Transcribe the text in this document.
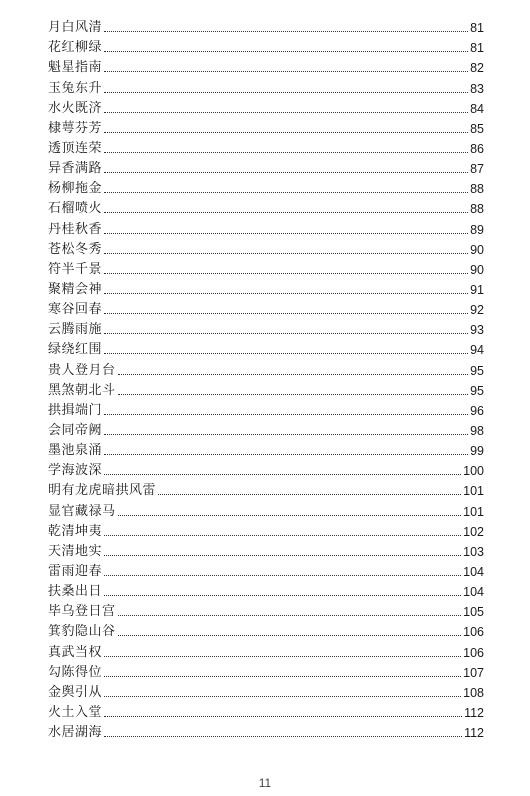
月白风清	81
花红柳绿	81
魁星指南	82
玉兔东升	83
水火既济	84
棣萼芬芳	85
透顶连荣	86
异香满路	87
杨柳拖金	88
石榴喷火	88
丹桂秋香	89
苍松冬秀	90
符半千景	90
聚精会神	91
寒谷回春	92
云腾雨施	93
绿绕红围	94
贵人登月台	95
黑煞朝北斗	95
拱揖端门	96
会同帝阙	98
墨池泉涌	99
学海波深	100
明有龙虎暗拱风雷	101
显官藏禄马	101
乾清坤夷	102
天清地实	103
雷雨迎春	104
扶桑出日	104
毕乌登日宫	105
箕豹隐山谷	106
真武当权	106
勾陈得位	107
金舆引从	108
火土入堂	112
水居湖海	112
11
